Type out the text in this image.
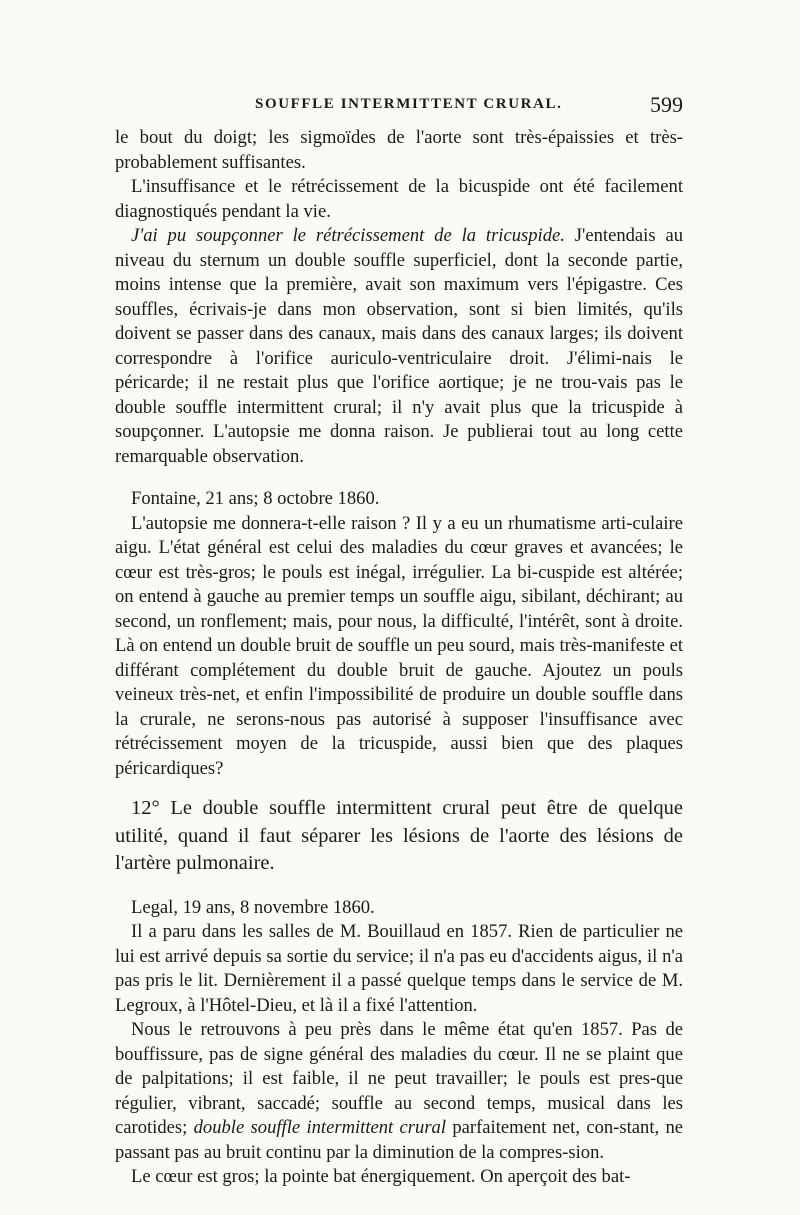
SOUFFLE INTERMITTENT CRURAL.	599

le bout du doigt; les sigmoïdes de l'aorte sont très-épaissies et très-probablement suffisantes.

L'insuffisance et le rétrécissement de la bicuspide ont été facilement diagnostiqués pendant la vie.

J'ai pu soupçonner le rétrécissement de la tricuspide. J'entendais au niveau du sternum un double souffle superficiel, dont la seconde partie, moins intense que la première, avait son maximum vers l'épigastre. Ces souffles, écrivais-je dans mon observation, sont si bien limités, qu'ils doivent se passer dans des canaux, mais dans des canaux larges; ils doivent correspondre à l'orifice auriculo-ventriculaire droit. J'élimi-nais le péricarde; il ne restait plus que l'orifice aortique; je ne trou-vais pas le double souffle intermittent crural; il n'y avait plus que la tricuspide à soupçonner. L'autopsie me donna raison. Je publierai tout au long cette remarquable observation.

Fontaine, 21 ans; 8 octobre 1860.

L'autopsie me donnera-t-elle raison ? Il y a eu un rhumatisme arti-culaire aigu. L'état général est celui des maladies du cœur graves et avancées; le cœur est très-gros; le pouls est inégal, irrégulier. La bi-cuspide est altérée; on entend à gauche au premier temps un souffle aigu, sibilant, déchirant; au second, un ronflement; mais, pour nous, la difficulté, l'intérêt, sont à droite. Là on entend un double bruit de souffle un peu sourd, mais très-manifeste et différant complétement du double bruit de gauche. Ajoutez un pouls veineux très-net, et enfin l'impossibilité de produire un double souffle dans la crurale, ne serons-nous pas autorisé à supposer l'insuffisance avec rétrécissement moyen de la tricuspide, aussi bien que des plaques péricardiques?

12° Le double souffle intermittent crural peut être de quelque utilité, quand il faut séparer les lésions de l'aorte des lésions de l'artère pulmonaire.

Legal, 19 ans, 8 novembre 1860.

Il a paru dans les salles de M. Bouillaud en 1857. Rien de particulier ne lui est arrivé depuis sa sortie du service; il n'a pas eu d'accidents aigus, il n'a pas pris le lit. Dernièrement il a passé quelque temps dans le service de M. Legroux, à l'Hôtel-Dieu, et là il a fixé l'attention.

Nous le retrouvons à peu près dans le même état qu'en 1857. Pas de bouffissure, pas de signe général des maladies du cœur. Il ne se plaint que de palpitations; il est faible, il ne peut travailler; le pouls est pres-que régulier, vibrant, saccadé; souffle au second temps, musical dans les carotides; double souffle intermittent crural parfaitement net, con-stant, ne passant pas au bruit continu par la diminution de la compres-sion.

Le cœur est gros; la pointe bat énergiquement. On aperçoit des bat-
